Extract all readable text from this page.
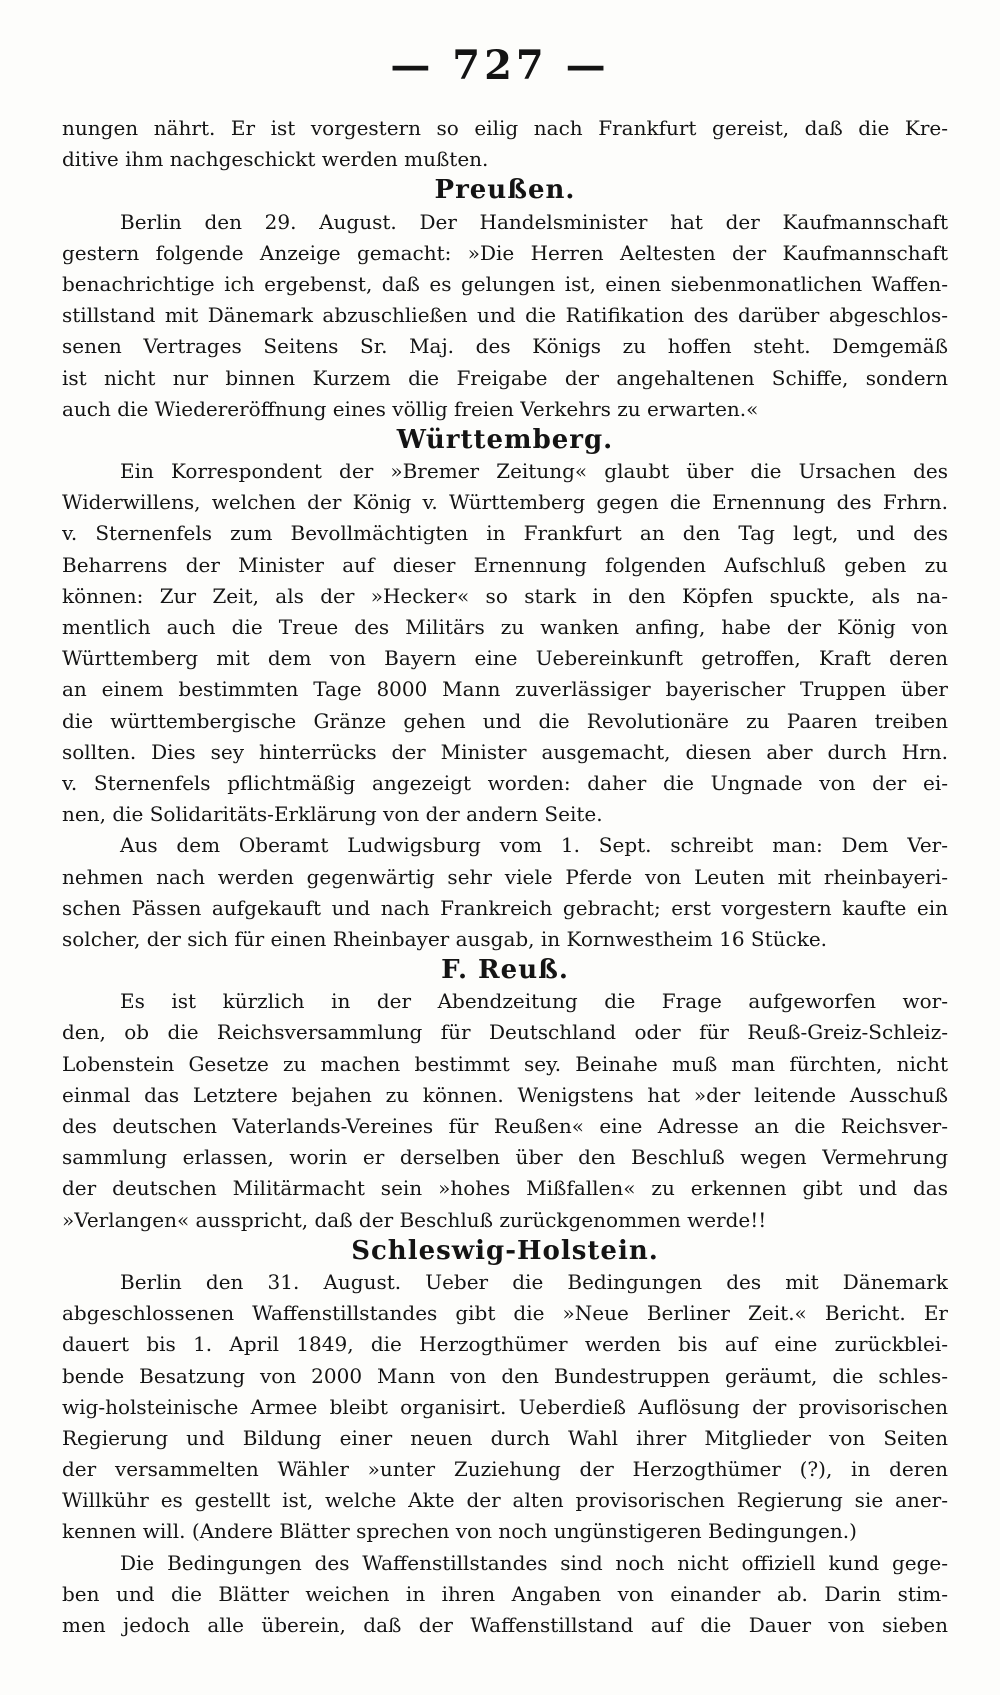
— 727 —
nungen nährt. Er ist vorgestern so eilig nach Frankfurt gereist, daß die Kre-
ditive ihm nachgeschickt werden mußten.
Preußen.
Berlin den 29. August. Der Handelsminister hat der Kaufmannschaft
gestern folgende Anzeige gemacht: »Die Herren Aeltesten der Kaufmannschaft
benachrichtige ich ergebenst, daß es gelungen ist, einen siebenmonatlichen Waffen-
stillstand mit Dänemark abzuschließen und die Ratifikation des darüber abgeschlos-
senen Vertrages Seitens Sr. Maj. des Königs zu hoffen steht. Demgemäß
ist nicht nur binnen Kurzem die Freigabe der angehaltenen Schiffe, sondern
auch die Wiedereröffnung eines völlig freien Verkehrs zu erwarten.«
Württemberg.
Ein Korrespondent der »Bremer Zeitung« glaubt über die Ursachen des
Widerwillens, welchen der König v. Württemberg gegen die Ernennung des Frhrn.
v. Sternenfels zum Bevollmächtigten in Frankfurt an den Tag legt, und des
Beharrens der Minister auf dieser Ernennung folgenden Aufschluß geben zu
können: Zur Zeit, als der »Hecker« so stark in den Köpfen spuckte, als na-
mentlich auch die Treue des Militärs zu wanken anfing, habe der König von
Württemberg mit dem von Bayern eine Uebereinkunft getroffen, Kraft deren
an einem bestimmten Tage 8000 Mann zuverlässiger bayerischer Truppen über
die württembergische Gränze gehen und die Revolutionäre zu Paaren treiben
sollten. Dies sey hinterrücks der Minister ausgemacht, diesen aber durch Hrn.
v. Sternenfels pflichtmäßig angezeigt worden: daher die Ungnade von der ei-
nen, die Solidaritäts-Erklärung von der andern Seite.
Aus dem Oberamt Ludwigsburg vom 1. Sept. schreibt man: Dem Ver-
nehmen nach werden gegenwärtig sehr viele Pferde von Leuten mit rheinbayeri-
schen Pässen aufgekauft und nach Frankreich gebracht; erst vorgestern kaufte ein
solcher, der sich für einen Rheinbayer ausgab, in Kornwestheim 16 Stücke.
F. Reuß.
Es ist kürzlich in der Abendzeitung die Frage aufgeworfen wor-
den, ob die Reichsversammlung für Deutschland oder für Reuß-Greiz-Schleiz-
Lobenstein Gesetze zu machen bestimmt sey. Beinahe muß man fürchten, nicht
einmal das Letztere bejahen zu können. Wenigstens hat »der leitende Ausschuß
des deutschen Vaterlands-Vereines für Reußen« eine Adresse an die Reichsver-
sammlung erlassen, worin er derselben über den Beschluß wegen Vermehrung
der deutschen Militärmacht sein »hohes Mißfallen« zu erkennen gibt und das
»Verlangen« ausspricht, daß der Beschluß zurückgenommen werde!!
Schleswig-Holstein.
Berlin den 31. August. Ueber die Bedingungen des mit Dänemark
abgeschlossenen Waffenstillstandes gibt die »Neue Berliner Zeit.« Bericht. Er
dauert bis 1. April 1849, die Herzogthümer werden bis auf eine zurückblei-
bende Besatzung von 2000 Mann von den Bundestruppen geräumt, die schles-
wig-holsteinische Armee bleibt organisirt. Ueberdieß Auflösung der provisorischen
Regierung und Bildung einer neuen durch Wahl ihrer Mitglieder von Seiten
der versammelten Wähler »unter Zuziehung der Herzogthümer (?), in deren
Willkühr es gestellt ist, welche Akte der alten provisorischen Regierung sie aner-
kennen will. (Andere Blätter sprechen von noch ungünstigeren Bedingungen.)
Die Bedingungen des Waffenstillstandes sind noch nicht offiziell kund gege-
ben und die Blätter weichen in ihren Angaben von einander ab. Darin stim-
men jedoch alle überein, daß der Waffenstillstand auf die Dauer von sieben
